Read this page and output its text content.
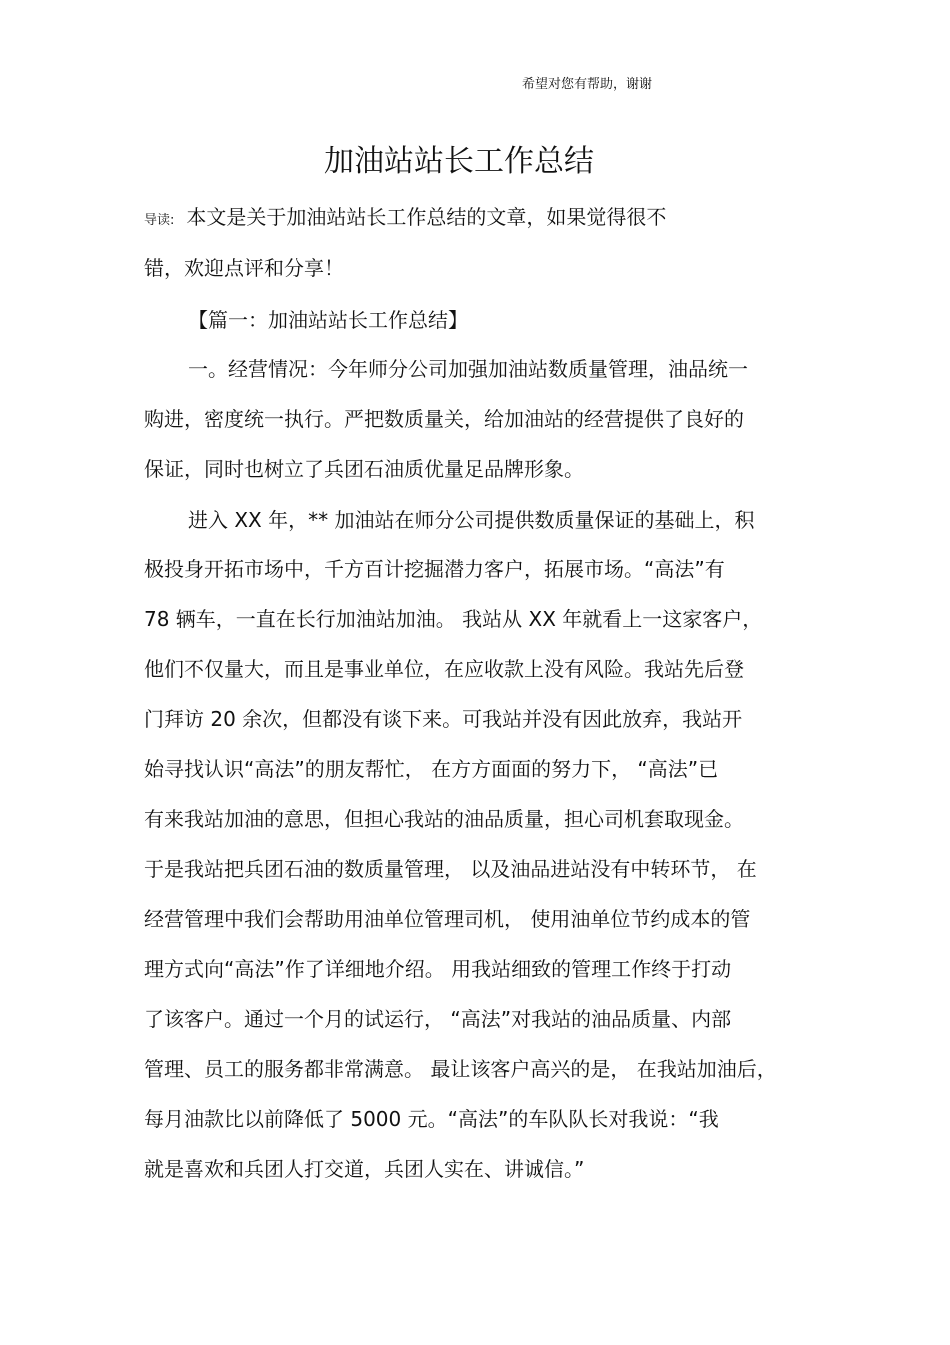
希望对您有帮助，谢谢
加油站站长工作总结
导读: 本文是关于加油站站长工作总结的文章，如果觉得很不
错，欢迎点评和分享！
【篇一：加油站站长工作总结】
一。经营情况：今年师分公司加强加油站数质量管理，油品统一
购进，密度统一执行。严把数质量关，给加油站的经营提供了良好的
保证，同时也树立了兵团石油质优量足品牌形象。
进入 XX 年，** 加油站在师分公司提供数质量保证的基础上，积
极投身开拓市场中，千方百计挖掘潜力客户，拓展市场。“高法”有
78 辆车，一直在长行加油站加油。 我站从 XX 年就看上一这家客户，
他们不仅量大，而且是事业单位，在应收款上没有风险。我站先后登
门拜访 20 余次，但都没有谈下来。可我站并没有因此放弃，我站开
始寻找认识“高法”的朋友帮忙， 在方方面面的努力下， “高法”已
有来我站加油的意思，但担心我站的油品质量，担心司机套取现金。
于是我站把兵团石油的数质量管理， 以及油品进站没有中转环节， 在
经营管理中我们会帮助用油单位管理司机， 使用油单位节约成本的管
理方式向“高法”作了详细地介绍。 用我站细致的管理工作终于打动
了该客户。通过一个月的试运行， “高法”对我站的油品质量、内部
管理、员工的服务都非常满意。 最让该客户高兴的是， 在我站加油后，
每月油款比以前降低了 5000 元。“高法”的车队队长对我说：“我
就是喜欢和兵团人打交道，兵团人实在、讲诚信。”
